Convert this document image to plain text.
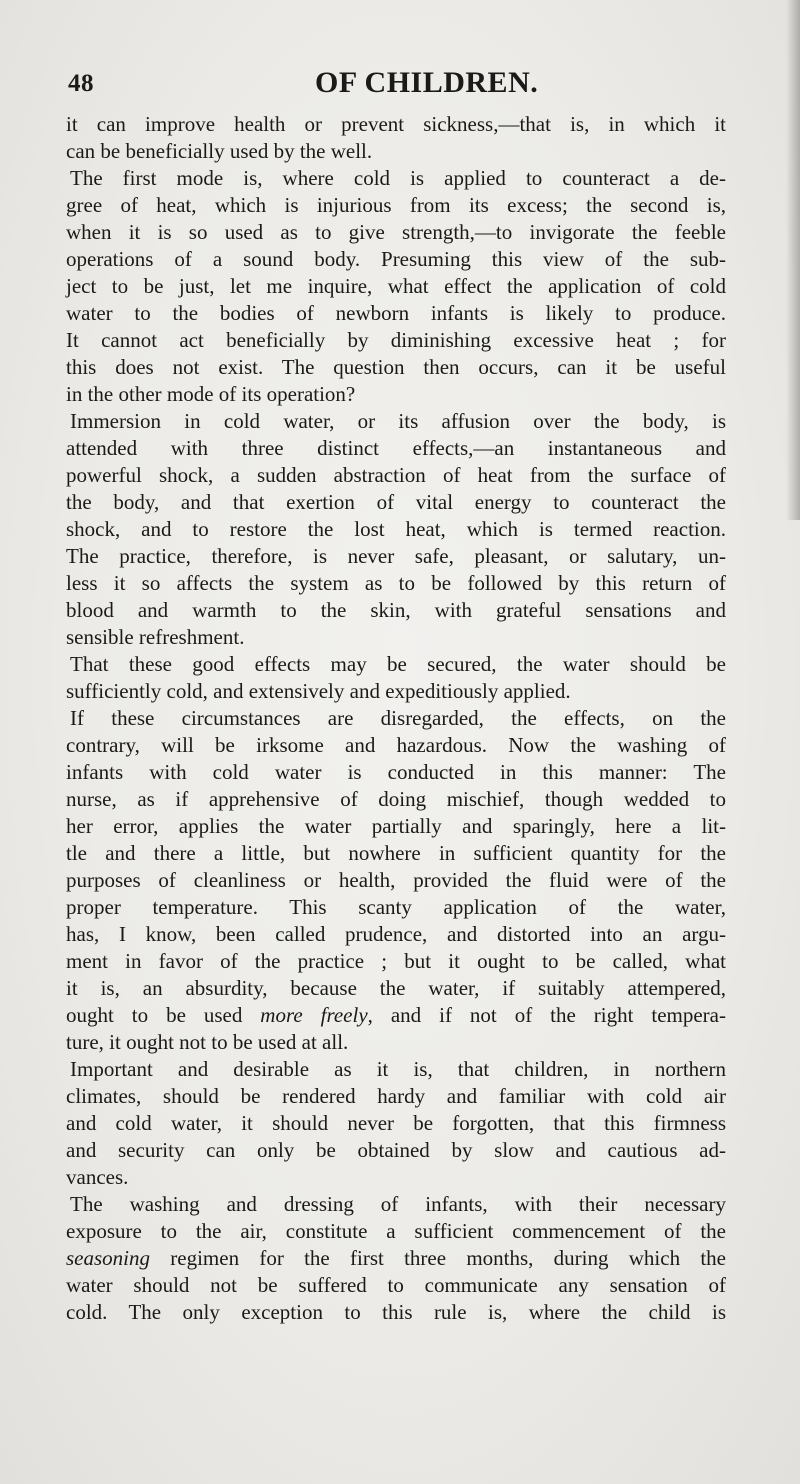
48	OF CHILDREN.
it can improve health or prevent sickness,—that is, in which it
can be beneficially used by the well.
The first mode is, where cold is applied to counteract a de-
gree of heat, which is injurious from its excess; the second is,
when it is so used as to give strength,—to invigorate the feeble
operations of a sound body. Presuming this view of the sub-
ject to be just, let me inquire, what effect the application of cold
water to the bodies of newborn infants is likely to produce.
It cannot act beneficially by diminishing excessive heat ; for
this does not exist. The question then occurs, can it be useful
in the other mode of its operation?
Immersion in cold water, or its affusion over the body, is
attended with three distinct effects,—an instantaneous and
powerful shock, a sudden abstraction of heat from the surface of
the body, and that exertion of vital energy to counteract the
shock, and to restore the lost heat, which is termed reaction.
The practice, therefore, is never safe, pleasant, or salutary, un-
less it so affects the system as to be followed by this return of
blood and warmth to the skin, with grateful sensations and
sensible refreshment.
That these good effects may be secured, the water should be
sufficiently cold, and extensively and expeditiously applied.
If these circumstances are disregarded, the effects, on the
contrary, will be irksome and hazardous. Now the washing of
infants with cold water is conducted in this manner: The
nurse, as if apprehensive of doing mischief, though wedded to
her error, applies the water partially and sparingly, here a lit-
tle and there a little, but nowhere in sufficient quantity for the
purposes of cleanliness or health, provided the fluid were of the
proper temperature. This scanty application of the water,
has, I know, been called prudence, and distorted into an argu-
ment in favor of the practice ; but it ought to be called, what
it is, an absurdity, because the water, if suitably attempered,
ought to be used more freely, and if not of the right tempera-
ture, it ought not to be used at all.
Important and desirable as it is, that children, in northern
climates, should be rendered hardy and familiar with cold air
and cold water, it should never be forgotten, that this firmness
and security can only be obtained by slow and cautious ad-
vances.
The washing and dressing of infants, with their necessary
exposure to the air, constitute a sufficient commencement of the
seasoning regimen for the first three months, during which the
water should not be suffered to communicate any sensation of
cold. The only exception to this rule is, where the child is
